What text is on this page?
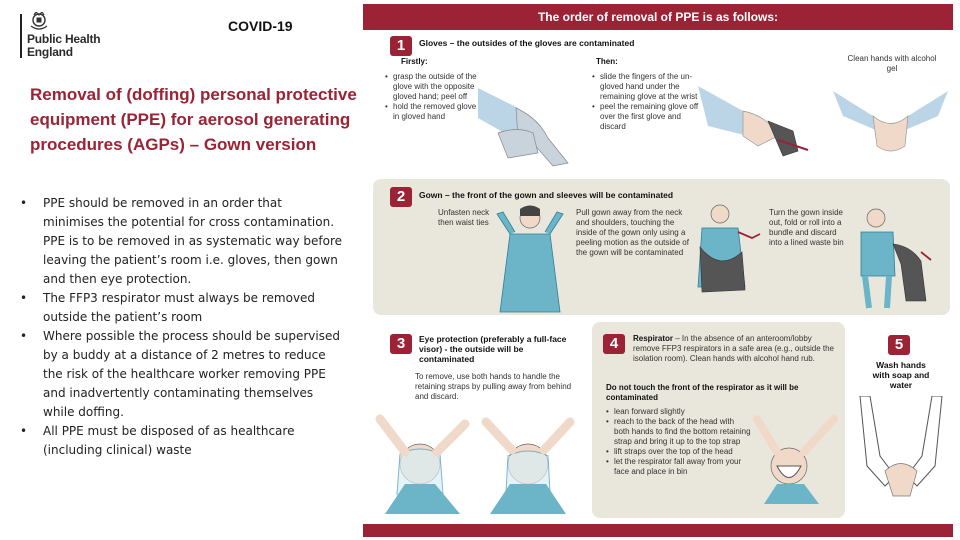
Public Health
England
COVID-19
Removal of (doffing) personal protective equipment (PPE) for aerosol generating procedures (AGPs) – Gown version
• PPE should be removed in an order that minimises the potential for cross contamination. PPE is to be removed in as systematic way before leaving the patient’s room i.e. gloves, then gown and then eye protection.
• The FFP3 respirator must always be removed outside the patient’s room
• Where possible the process should be supervised by a buddy at a distance of 2 metres to reduce the risk of the healthcare worker removing PPE and inadvertently contaminating themselves while doffing.
• All PPE must be disposed of as healthcare (including clinical) waste
The order of removal of PPE is as follows:
1	Gloves – the outsides of the gloves are contaminated
Firstly:	Then:
• grasp the outside of the glove with the opposite gloved hand; peel off
• hold the removed glove in gloved hand
• slide the fingers of the un-gloved hand under the remaining glove at the wrist
• peel the remaining glove off over the first glove and discard
Clean hands with alcohol gel
2	Gown – the front of the gown and sleeves will be contaminated
Unfasten neck then waist ties
Pull gown away from the neck and shoulders, touching the inside of the gown only using a peeling motion as the outside of the gown will be contaminated
Turn the gown inside out, fold or roll into a bundle and discard into a lined waste bin
3	Eye protection (preferably a full-face visor) - the outside will be contaminated
To remove, use both hands to handle the retaining straps by pulling away from behind and discard.
4	Respirator – In the absence of an anteroom/lobby remove FFP3 respirators in a safe area (e.g., outside the isolation room). Clean hands with alcohol hand rub.
Do not touch the front of the respirator as it will be contaminated
• lean forward slightly
• reach to the back of the head with both hands to find the bottom retaining strap and bring it up to the top strap
• lift straps over the top of the head
• let the respirator fall away from your face and place in bin
5
Wash hands with soap and water
